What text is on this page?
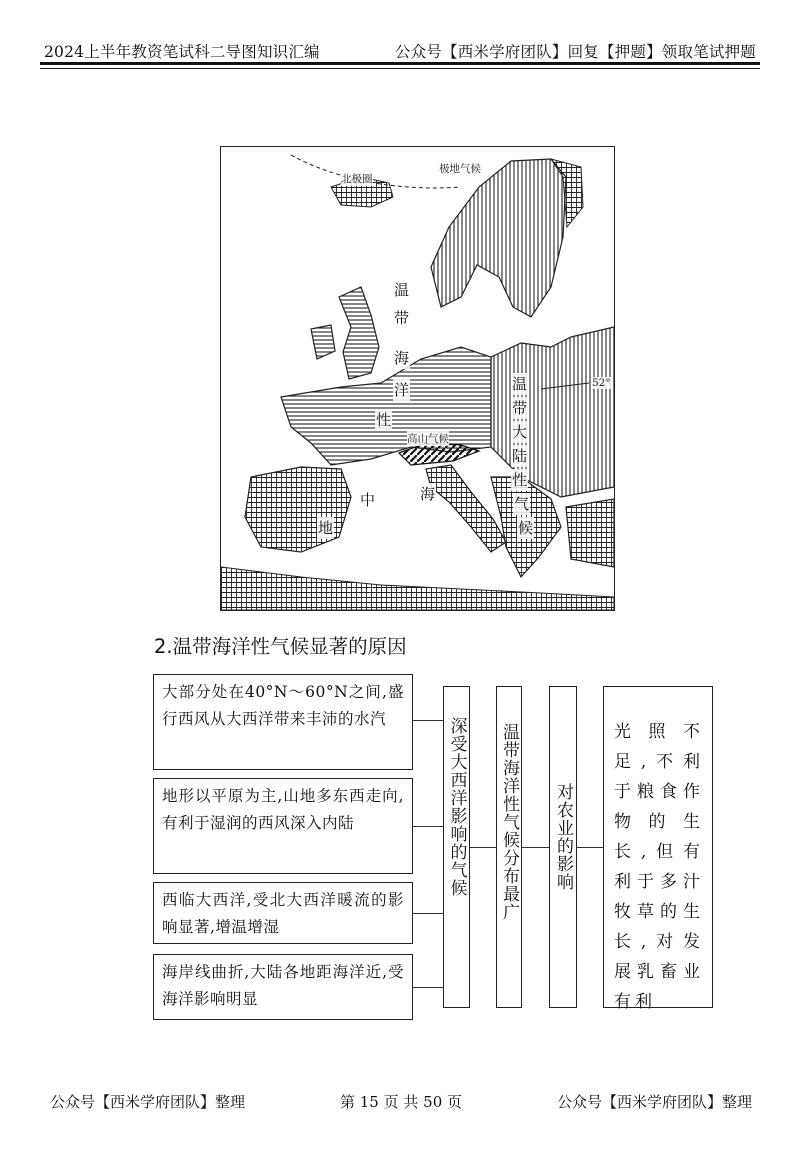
2024上半年教资笔试科二导图知识汇编	公众号【西米学府团队】回复【押题】领取笔试押题
极地气候
北极圈
52°
高山气候
温
带
海
洋
性
温
带
大
陆
性
气
候
地
中	海
2.温带海洋性气候显著的原因
大部分处在40°N～60°N之间,盛行西风从大西洋带来丰沛的水汽
地形以平原为主,山地多东西走向,有利于湿润的西风深入内陆
西临大西洋,受北大西洋暖流的影响显著,增温增湿
海岸线曲折,大陆各地距海洋近,受海洋影响明显
深受大西洋影响的气候 温带海洋性气候分布最广 对农业的影响
光照不足,不利于粮食作物的生长,但有利于多汁牧草的生长,对发展乳畜业有利
公众号【西米学府团队】整理	第 15 页 共 50 页	公众号【西米学府团队】整理
